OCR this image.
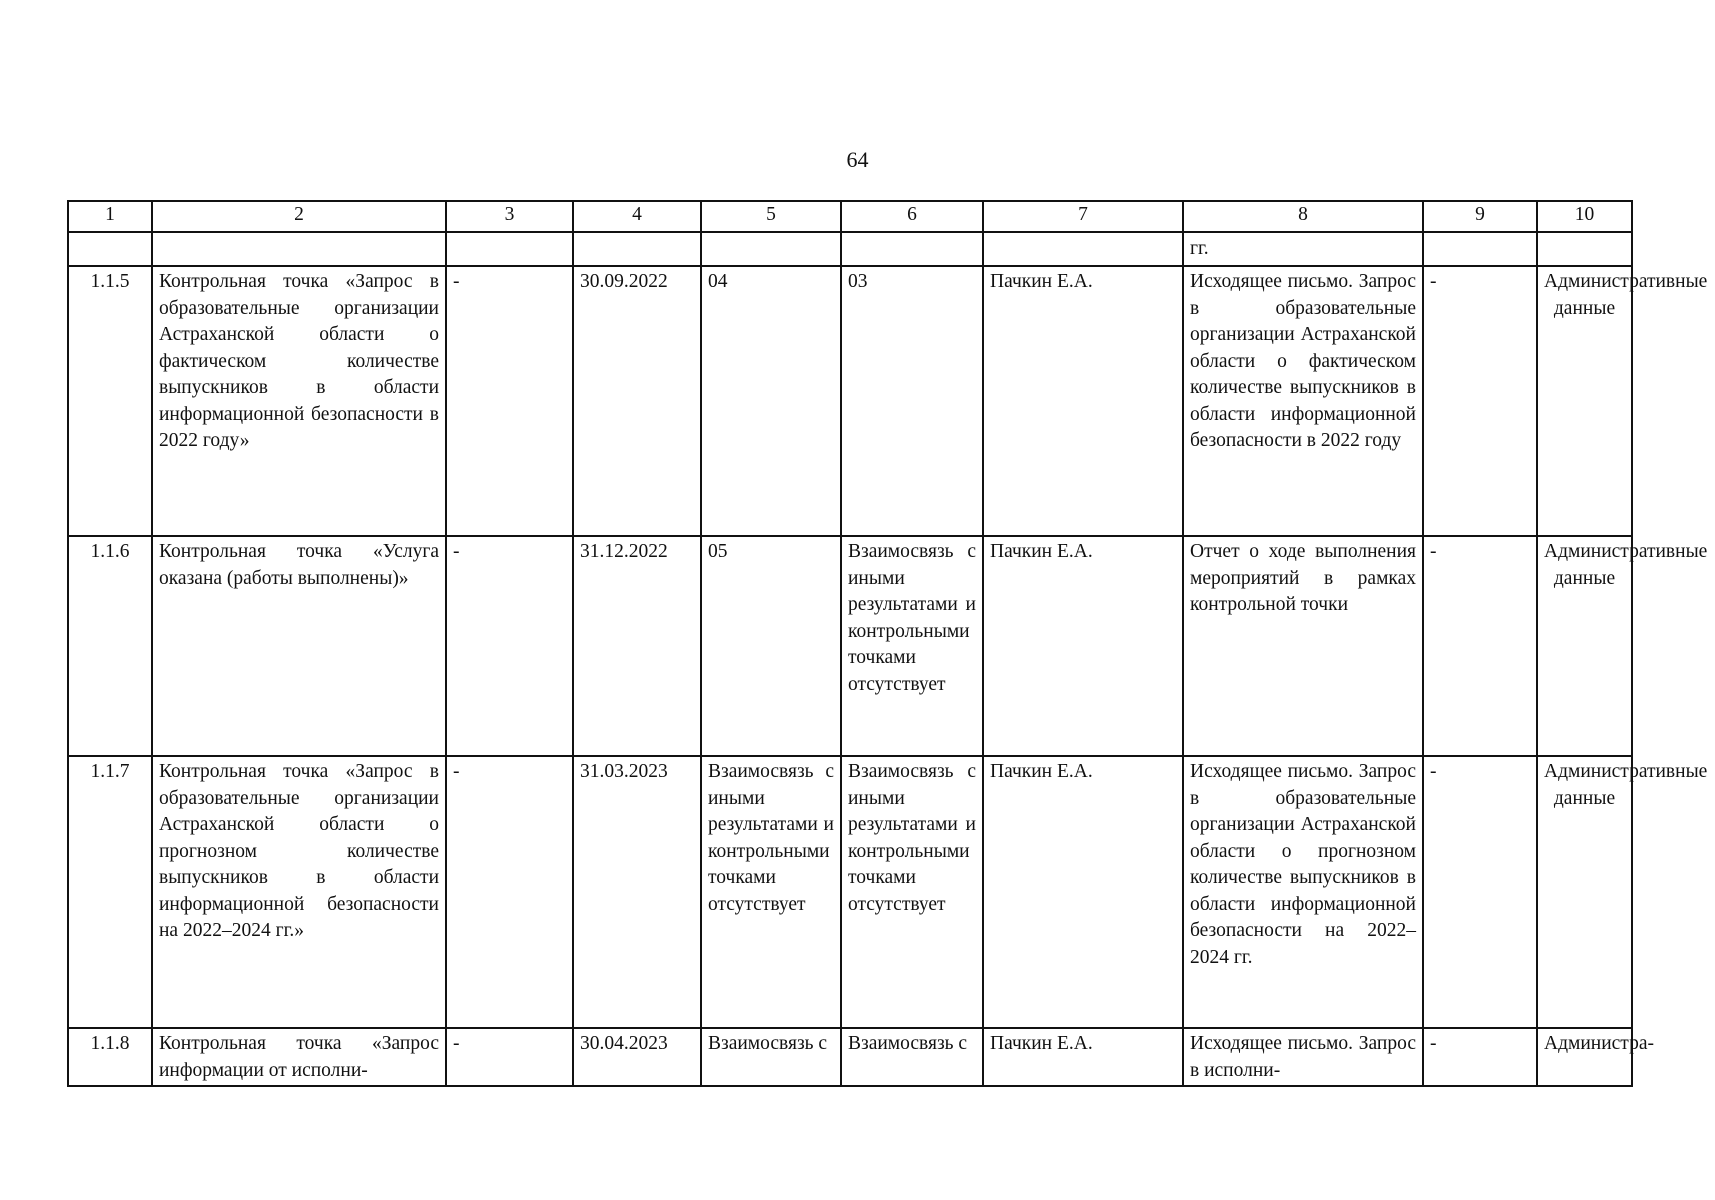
64
1	2	3	4	5	6	7	8	9	10
							гг.		
1.1.5	Контрольная точка «Запрос в образовательные организации Астраханской области о фактическом количестве выпускников в области информационной безопасности в 2022 году»	-	30.09.2022	04	03	Пачкин Е.А.	Исходящее письмо. Запрос в образовательные организации Астраханской области о фактическом количестве выпускников в области информационной безопасности в 2022 году	-	Административные данные
1.1.6	Контрольная точка «Услуга оказана (работы выполнены)»	-	31.12.2022	05	Взаимосвязь с иными результатами и контрольными точками отсутствует	Пачкин Е.А.	Отчет о ходе выполнения мероприятий в рамках контрольной точки	-	Административные данные
1.1.7	Контрольная точка «Запрос в образовательные организации Астраханской области о прогнозном количестве выпускников в области информационной безопасности на 2022–2024 гг.»	-	31.03.2023	Взаимосвязь с иными результатами и контрольными точками отсутствует	Взаимосвязь с иными результатами и контрольными точками отсутствует	Пачкин Е.А.	Исходящее письмо. Запрос в образовательные организации Астраханской области о прогнозном количестве выпускников в области информационной безопасности на 2022–2024 гг.	-	Административные данные
1.1.8	Контрольная точка «Запрос информации от исполни-	-	30.04.2023	Взаимосвязь с	Взаимосвязь с	Пачкин Е.А.	Исходящее письмо. Запрос в исполни-	-	Администра-
